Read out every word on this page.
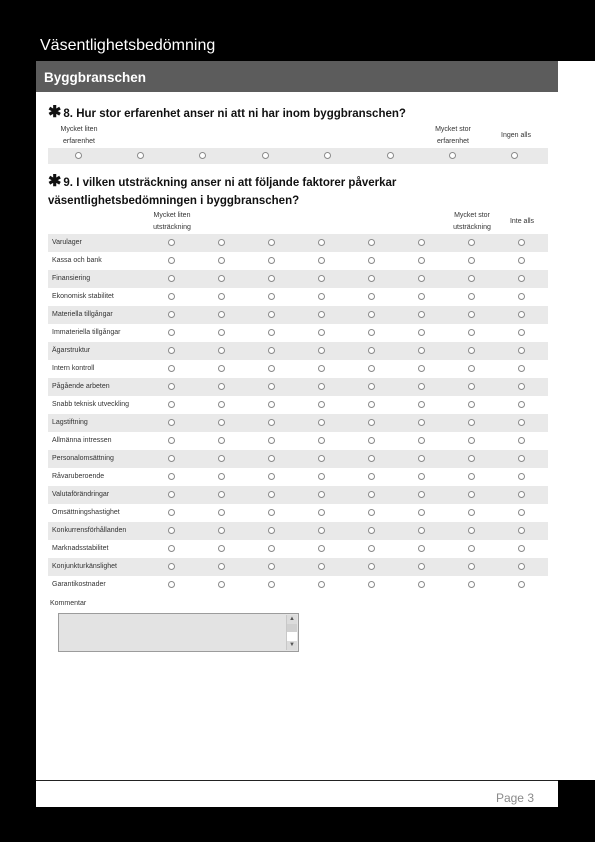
Väsentlighetsbedömning
Byggbranschen
✱ 8. Hur stor erfarenhet anser ni att ni har inom byggbranschen?
Mycket liten
erfarenhet
Mycket stor
erfarenhet
Ingen alls
✱ 9. I vilken utsträckning anser ni att följande faktorer påverkar
väsentlighetsbedömningen i byggbranschen?
Mycket liten
utsträckning
Mycket stor
utsträckning
Inte alls
Varulager
Kassa och bank
Finansiering
Ekonomisk stabilitet
Materiella tillgångar
Immateriella tillgångar
Ägarstruktur
Intern kontroll
Pågående arbeten
Snabb teknisk utveckling
Lagstiftning
Allmänna intressen
Personalomsättning
Råvaruberoende
Valutaförändringar
Omsättningshastighet
Konkurrensförhållanden
Marknadsstabilitet
Konjunkturkänslighet
Garantikostnader
Kommentar
▲
▼
Page 3
